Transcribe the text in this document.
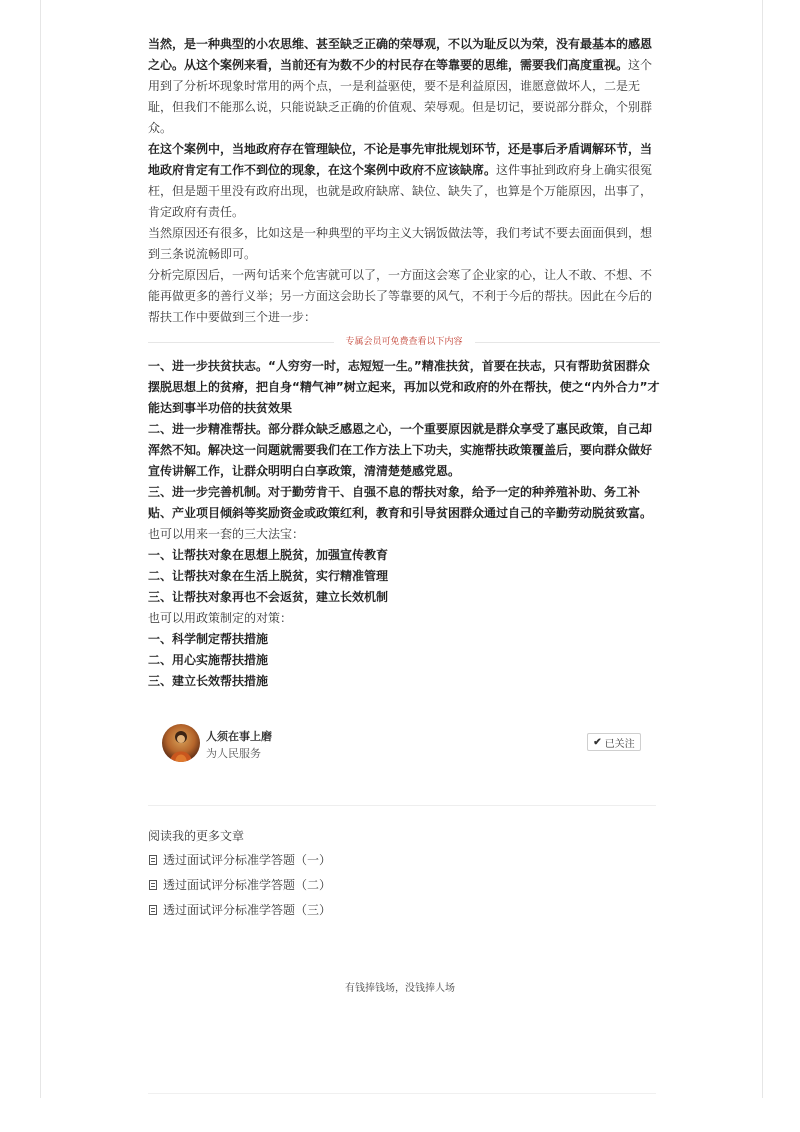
当然，是一种典型的小农思维、甚至缺乏正确的荣辱观，不以为耻反以为荣，没有最基本的感恩之心。从这个案例来看，当前还有为数不少的村民存在等靠要的思维，需要我们高度重视。这个用到了分析坏现象时常用的两个点，一是利益驱使，要不是利益原因，谁愿意做坏人，二是无耻，但我们不能那么说，只能说缺乏正确的价值观、荣辱观。但是切记，要说部分群众，个别群众。

在这个案例中，当地政府存在管理缺位，不论是事先审批规划环节，还是事后矛盾调解环节，当地政府肯定有工作不到位的现象，在这个案例中政府不应该缺席。这件事扯到政府身上确实很冤枉，但是题干里没有政府出现，也就是政府缺席、缺位、缺失了，也算是个万能原因，出事了，肯定政府有责任。

当然原因还有很多，比如这是一种典型的平均主义大锅饭做法等，我们考试不要去面面俱到，想到三条说流畅即可。

分析完原因后，一两句话来个危害就可以了，一方面这会寒了企业家的心，让人不敢、不想、不能再做更多的善行义举；另一方面这会助长了等靠要的风气，不利于今后的帮扶。因此在今后的帮扶工作中要做到三个进一步：

专属会员可免费查看以下内容

一、进一步扶贫扶志。“人穷穷一时，志短短一生。”精准扶贫，首要在扶志，只有帮助贫困群众摆脱思想上的贫瘠，把自身“精气神”树立起来，再加以党和政府的外在帮扶，使之“内外合力”才能达到事半功倍的扶贫效果

二、进一步精准帮扶。部分群众缺乏感恩之心，一个重要原因就是群众享受了惠民政策，自己却浑然不知。解决这一问题就需要我们在工作方法上下功夫，实施帮扶政策覆盖后，要向群众做好宣传讲解工作，让群众明明白白享政策，清清楚楚感党恩。

三、进一步完善机制。对于勤劳肯干、自强不息的帮扶对象，给予一定的种养殖补助、务工补贴、产业项目倾斜等奖励资金或政策红利，教育和引导贫困群众通过自己的辛勤劳动脱贫致富。

也可以用来一套的三大法宝：

一、让帮扶对象在思想上脱贫，加强宣传教育

二、让帮扶对象在生活上脱贫，实行精准管理

三、让帮扶对象再也不会返贫，建立长效机制

也可以用政策制定的对策：

一、科学制定帮扶措施

二、用心实施帮扶措施

三、建立长效帮扶措施

人须在事上磨
为人民服务
✔ 已关注
阅读我的更多文章
透过面试评分标准学答题（一）
透过面试评分标准学答题（二）
透过面试评分标准学答题（三）
有钱捧钱场，没钱捧人场
